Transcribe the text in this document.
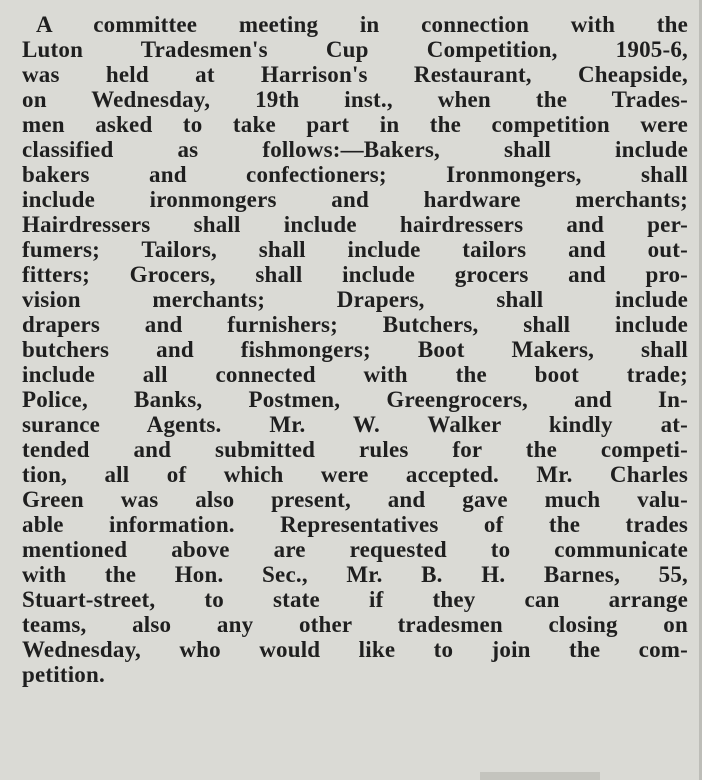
A committee meeting in connection with the
Luton Tradesmen's Cup Competition, 1905-6,
was held at Harrison's Restaurant, Cheapside,
on Wednesday, 19th inst., when the Trades-
men asked to take part in the competition were
classified as follows:—Bakers, shall include
bakers and confectioners; Ironmongers, shall
include ironmongers and hardware merchants;
Hairdressers shall include hairdressers and per-
fumers; Tailors, shall include tailors and out-
fitters; Grocers, shall include grocers and pro-
vision merchants; Drapers, shall include
drapers and furnishers; Butchers, shall include
butchers and fishmongers; Boot Makers, shall
include all connected with the boot trade;
Police, Banks, Postmen, Greengrocers, and In-
surance Agents. Mr. W. Walker kindly at-
tended and submitted rules for the competi-
tion, all of which were accepted. Mr. Charles
Green was also present, and gave much valu-
able information. Representatives of the trades
mentioned above are requested to communicate
with the Hon. Sec., Mr. B. H. Barnes, 55,
Stuart-street, to state if they can arrange
teams, also any other tradesmen closing on
Wednesday, who would like to join the com-
petition.
